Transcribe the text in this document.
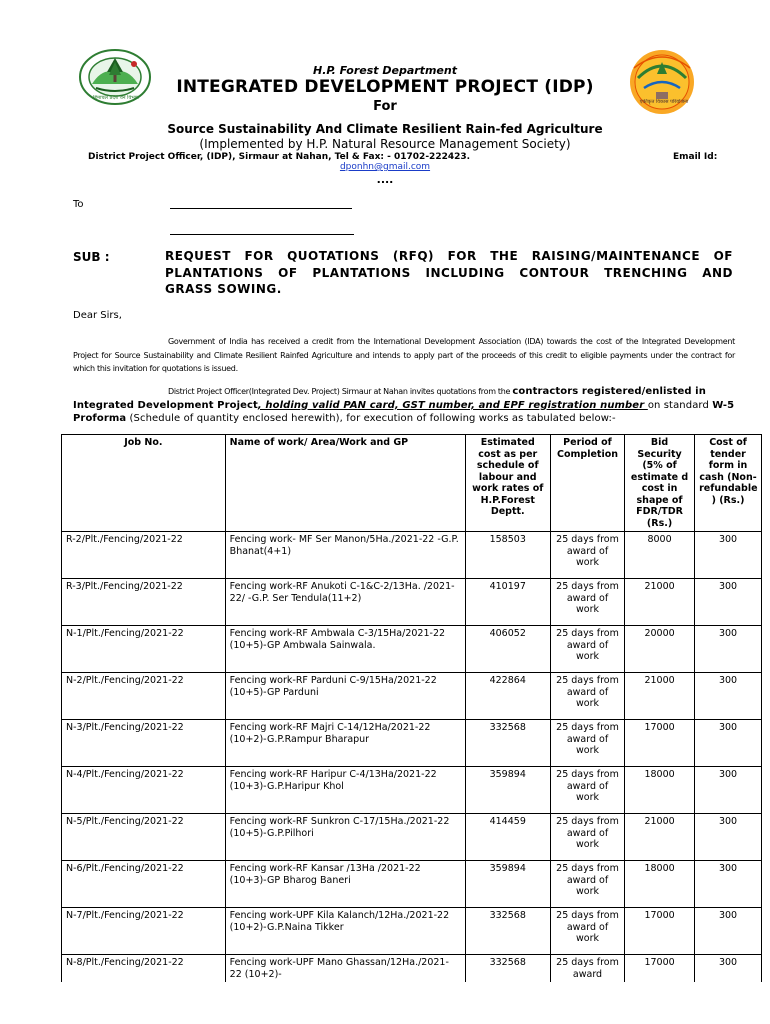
हिमाचल प्रदेश वन विभाग
एकीकृत विकास परियोजना
H.P. Forest Department
INTEGRATED DEVELOPMENT PROJECT (IDP)
For
Source Sustainability And Climate Resilient Rain-fed Agriculture
(Implemented by H.P. Natural Resource Management Society)
District Project Officer, (IDP), Sirmaur at Nahan, Tel & Fax: - 01702-222423.	Email Id:
dponhn@gmail.com
....
To
SUB :	REQUEST FOR QUOTATIONS (RFQ) FOR THE RAISING/MAINTENANCE OF
PLANTATIONS OF PLANTATIONS INCLUDING CONTOUR TRENCHING AND
GRASS SOWING.
Dear Sirs,
Government of India has received a credit from the International Development Association (IDA) towards the cost of the Integrated Development Project for Source Sustainability and Climate Resilient Rainfed Agriculture and intends to apply part of the proceeds of this credit to eligible payments under the contract for which this invitation for quotations is issued.
District Project Officer(Integrated Dev. Project) Sirmaur at Nahan invites quotations from the contractors registered/enlisted in Integrated Development Project, holding valid PAN card, GST number, and EPF registration number on standard W-5 Proforma (Schedule of quantity enclosed herewith), for execution of following works as tabulated below:-
Job No.	Name of work/ Area/Work and GP	Estimated cost as per schedule of labour and work rates of H.P.Forest Deptt.	Period of Completion	Bid Security (5% of estimate d cost in shape of FDR/TDR (Rs.)	Cost of tender form in cash (Non-refundable ) (Rs.)
R-2/Plt./Fencing/2021-22	Fencing work- MF Ser Manon/5Ha./2021-22 -G.P. Bhanat(4+1)	158503	25 days from award of work	8000	300
R-3/Plt./Fencing/2021-22	Fencing work-RF Anukoti C-1&C-2/13Ha. /2021-22/ -G.P. Ser Tendula(11+2)	410197	25 days from award of work	21000	300
N-1/Plt./Fencing/2021-22	Fencing work-RF Ambwala C-3/15Ha/2021-22 (10+5)-GP Ambwala Sainwala.	406052	25 days from award of work	20000	300
N-2/Plt./Fencing/2021-22	Fencing work-RF Parduni C-9/15Ha/2021-22 (10+5)-GP Parduni	422864	25 days from award of work	21000	300
N-3/Plt./Fencing/2021-22	Fencing work-RF Majri C-14/12Ha/2021-22 (10+2)-G.P.Rampur Bharapur	332568	25 days from award of work	17000	300
N-4/Plt./Fencing/2021-22	Fencing work-RF Haripur C-4/13Ha/2021-22 (10+3)-G.P.Haripur Khol	359894	25 days from award of work	18000	300
N-5/Plt./Fencing/2021-22	Fencing work-RF Sunkron C-17/15Ha./2021-22 (10+5)-G.P.Pilhori	414459	25 days from award of work	21000	300
N-6/Plt./Fencing/2021-22	Fencing work-RF Kansar /13Ha /2021-22 (10+3)-GP Bharog Baneri	359894	25 days from award of work	18000	300
N-7/Plt./Fencing/2021-22	Fencing work-UPF Kila Kalanch/12Ha./2021-22 (10+2)-G.P.Naina Tikker	332568	25 days from award of work	17000	300
N-8/Plt./Fencing/2021-22	Fencing work-UPF Mano Ghassan/12Ha./2021-22 (10+2)-	332568	25 days from award	17000	300
